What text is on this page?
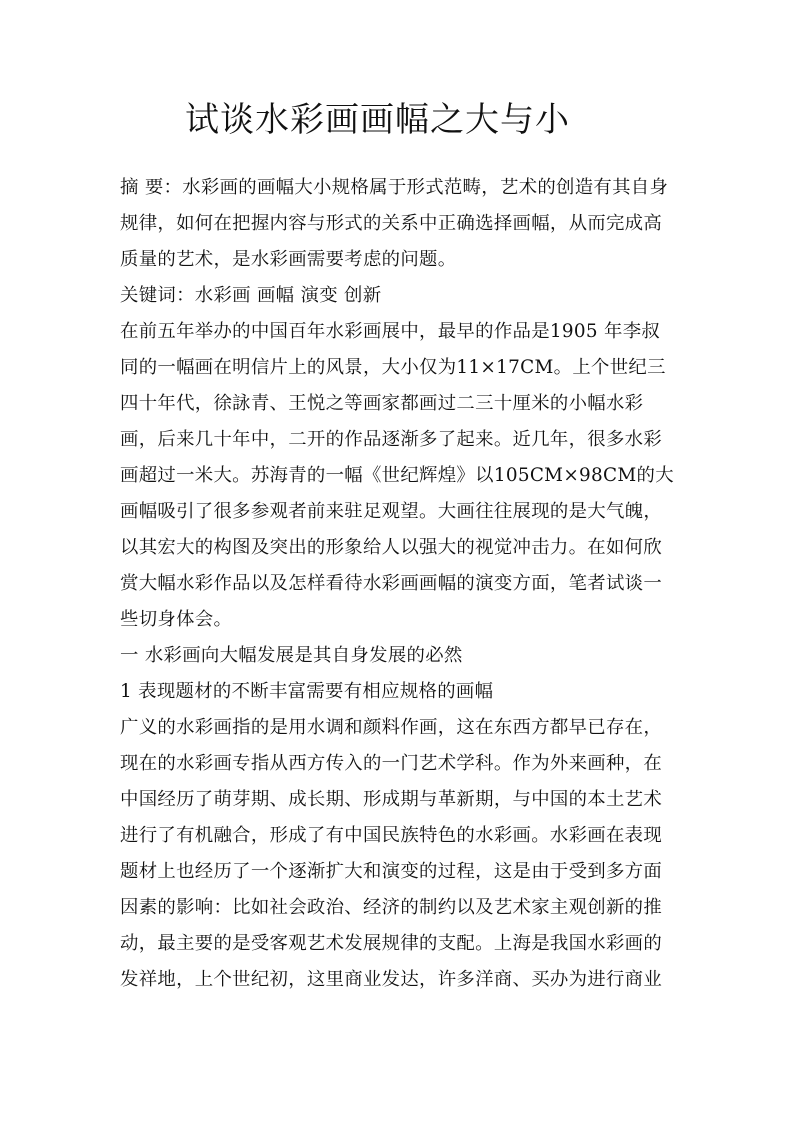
试谈水彩画画幅之大与小
摘 要：水彩画的画幅大小规格属于形式范畴，艺术的创造有其自身
规律，如何在把握内容与形式的关系中正确选择画幅，从而完成高
质量的艺术，是水彩画需要考虑的问题。
关键词：水彩画 画幅 演变 创新
在前五年举办的中国百年水彩画展中，最早的作品是1905 年李叔
同的一幅画在明信片上的风景，大小仅为11×17CM。上个世纪三
四十年代，徐詠青、王悦之等画家都画过二三十厘米的小幅水彩
画，后来几十年中，二开的作品逐渐多了起来。近几年，很多水彩
画超过一米大。苏海青的一幅《世纪辉煌》以105CM×98CM的大
画幅吸引了很多参观者前来驻足观望。大画往往展现的是大气魄，
以其宏大的构图及突出的形象给人以强大的视觉冲击力。在如何欣
赏大幅水彩作品以及怎样看待水彩画画幅的演变方面，笔者试谈一
些切身体会。
一 水彩画向大幅发展是其自身发展的必然
1 表现题材的不断丰富需要有相应规格的画幅
广义的水彩画指的是用水调和颜料作画，这在东西方都早已存在，
现在的水彩画专指从西方传入的一门艺术学科。作为外来画种，在
中国经历了萌芽期、成长期、形成期与革新期，与中国的本土艺术
进行了有机融合，形成了有中国民族特色的水彩画。水彩画在表现
题材上也经历了一个逐渐扩大和演变的过程，这是由于受到多方面
因素的影响：比如社会政治、经济的制约以及艺术家主观创新的推
动，最主要的是受客观艺术发展规律的支配。上海是我国水彩画的
发祥地，上个世纪初，这里商业发达，许多洋商、买办为进行商业
